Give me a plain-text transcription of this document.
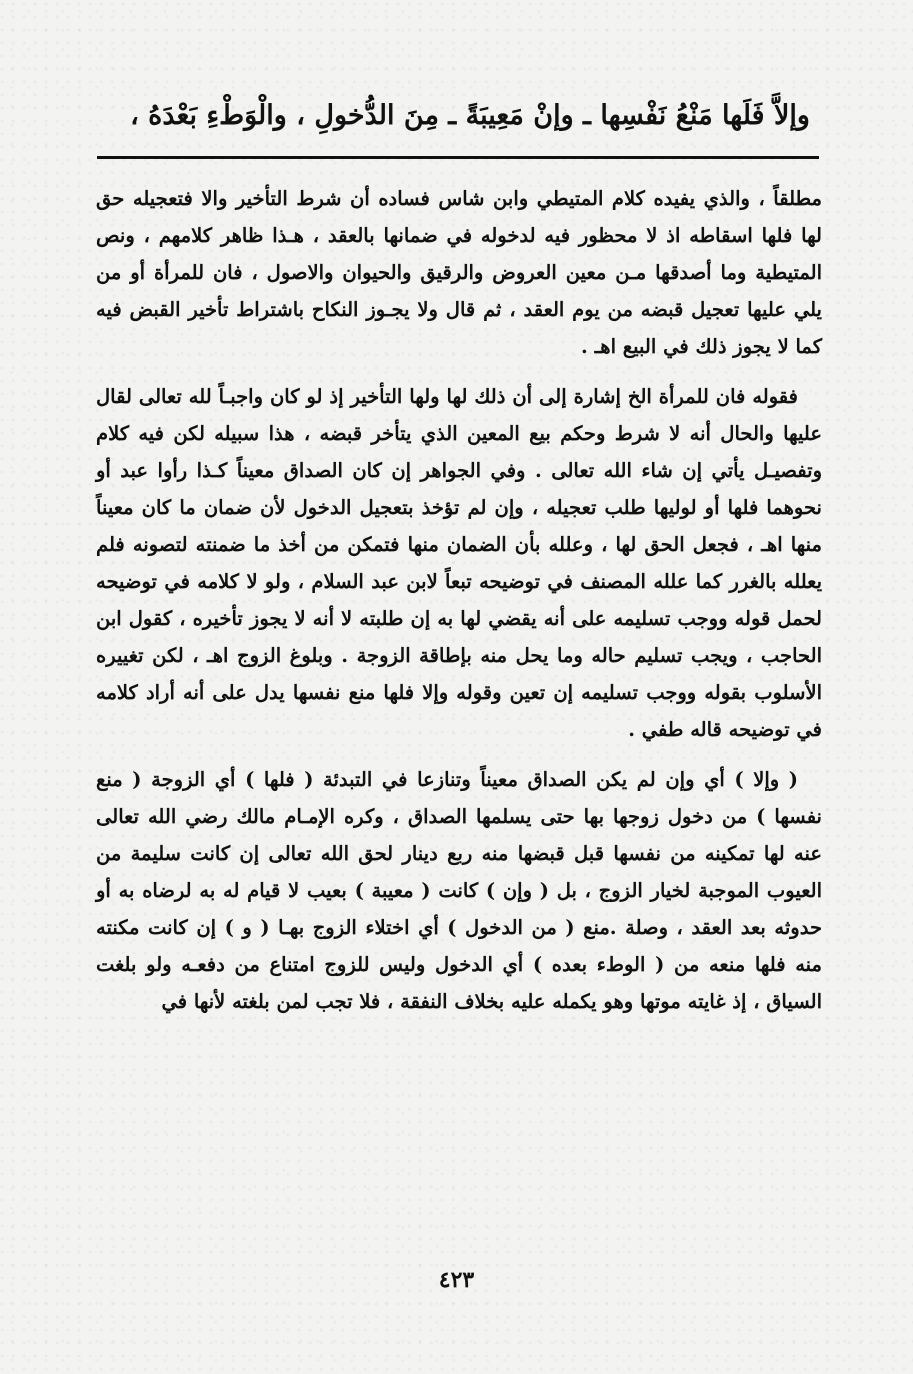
وإلاَّ فَلَها مَنْعُ نَفْسِها ـ وإنْ مَعِيبَةً ـ مِنَ الدُّخولِ ، والْوَطْءِ بَعْدَهُ ،

مطلقاً ، والذي يفيده كلام المتيطي وابن شاس فساده أن شرط التأخير والا فتعجيله حق لها فلها اسقاطه اذ لا محظور فيه لدخوله في ضمانها بالعقد ، هـذا ظاهر كلامهم ، ونص المتيطية وما أصدقها مـن معين العروض والرقيق والحيوان والاصول ، فان للمرأة أو من يلي عليها تعجيل قبضه من يوم العقد ، ثم قال ولا يجـوز النكاح باشتراط تأخير القبض فيه كما لا يجوز ذلك في البيع اهـ .

فقوله فان للمرأة الخ إشارة إلى أن ذلك لها ولها التأخير إذ لو كان واجبـاً لله تعالى لقال عليها والحال أنه لا شرط وحكم بيع المعين الذي يتأخر قبضه ، هذا سبيله لكن فيه كلام وتفصيـل يأتي إن شاء الله تعالى . وفي الجواهر إن كان الصداق معيناً كـذا رأوا عبد أو نحوهما فلها أو لوليها طلب تعجيله ، وإن لم تؤخذ بتعجيل الدخول لأن ضمان ما كان معيناً منها اهـ ، فجعل الحق لها ، وعلله بأن الضمان منها فتمكن من أخذ ما ضمنته لتصونه فلم يعلله بالغرر كما علله المصنف في توضيحه تبعاً لابن عبد السلام ، ولو لا كلامه في توضيحه لحمل قوله ووجب تسليمه على أنه يقضي لها به إن طلبته لا أنه لا يجوز تأخيره ، كقول ابن الحاجب ، ويجب تسليم حاله وما يحل منه بإطاقة الزوجة . وبلوغ الزوج اهـ ، لكن تغييره الأسلوب بقوله ووجب تسليمه إن تعين وقوله وإلا فلها منع نفسها يدل على أنه أراد كلامه في توضيحه قاله طفي .

( وإلا ) أي وإن لم يكن الصداق معيناً وتنازعا في التبدئة ( فلها ) أي الزوجة ( منع نفسها ) من دخول زوجها بها حتى يسلمها الصداق ، وكره الإمـام مالك رضي الله تعالى عنه لها تمكينه من نفسها قبل قبضها منه ربع دينار لحق الله تعالى إن كانت سليمة من العيوب الموجبة لخيار الزوج ، بل ( وإن ) كانت ( معيبة ) بعيب لا قيام له به لرضاه به أو حدوثه بعد العقد ، وصلة .منع ( من الدخول ) أي اختلاء الزوج بهـا ( و ) إن كانت مكنته منه فلها منعه من ( الوطء بعده ) أي الدخول وليس للزوج امتناع من دفعـه ولو بلغت السياق ، إذ غايته موتها وهو يكمله عليه بخلاف النفقة ، فلا تجب لمن بلغته لأنها في

٤٢٣
